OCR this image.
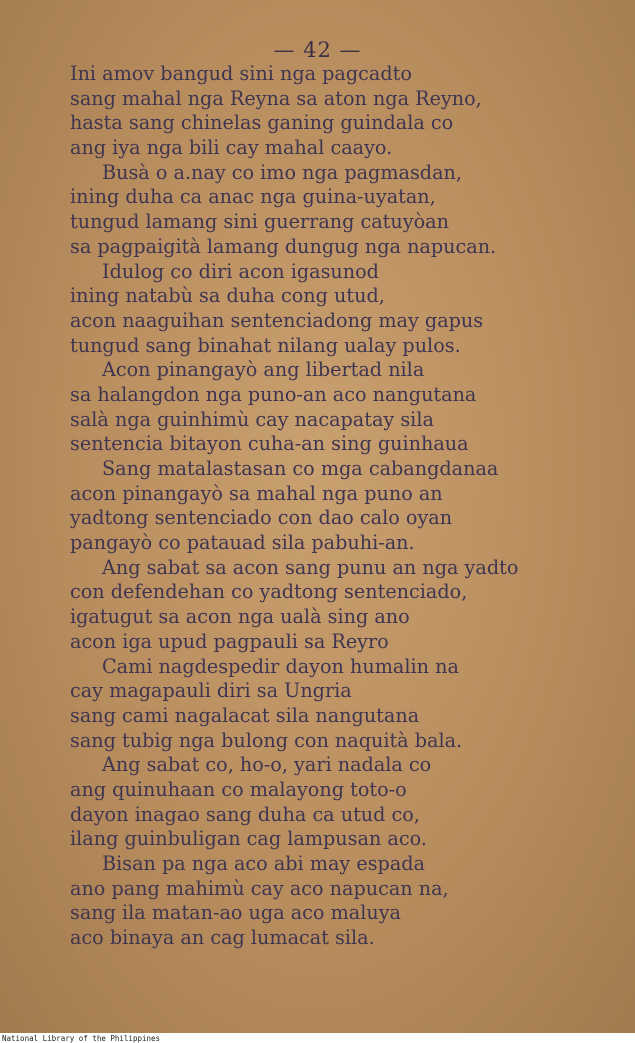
— 42 —
Ini amov bangud sini nga pagcadto
sang mahal nga Reyna sa aton nga Reyno,
hasta sang chinelas ganing guindala co
ang iya nga bili cay mahal caayo.
Busà o a.nay co imo nga pagmasdan,
ining duha ca anac nga guina-uyatan,
tungud lamang sini guerrang catuyòan
sa pagpaigità lamang dungug nga napucan.
Idulog co diri acon igasunod
ining natabù sa duha cong utud,
acon naaguihan sentenciadong may gapus
tungud sang binahat nilang ualay pulos.
Acon pinangayò ang libertad nila
sa halangdon nga puno-an aco nangutana
salà nga guinhimù cay nacapatay sila
sentencia bitayon cuha-an sing guinhaua
Sang matalastasan co mga cabangdanaa
acon pinangayò sa mahal nga puno an
yadtong sentenciado con dao calo oyan
pangayò co patauad sila pabuhi-an.
Ang sabat sa acon sang punu an nga yadto
con defendehan co yadtong sentenciado,
igatugut sa acon nga ualà sing ano
acon iga upud pagpauli sa Reyro
Cami nagdespedir dayon humalin na
cay magapauli diri sa Ungria
sang cami nagalacat sila nangutana
sang tubig nga bulong con naquità bala.
Ang sabat co, ho-o, yari nadala co
ang quinuhaan co malayong toto-o
dayon inagao sang duha ca utud co,
ilang guinbuligan cag lampusan aco.
Bisan pa nga aco abi may espada
ano pang mahimù cay aco napucan na,
sang ila matan-ao uga aco maluya
aco binaya an cag lumacat sila.
National Library of the Philippines
